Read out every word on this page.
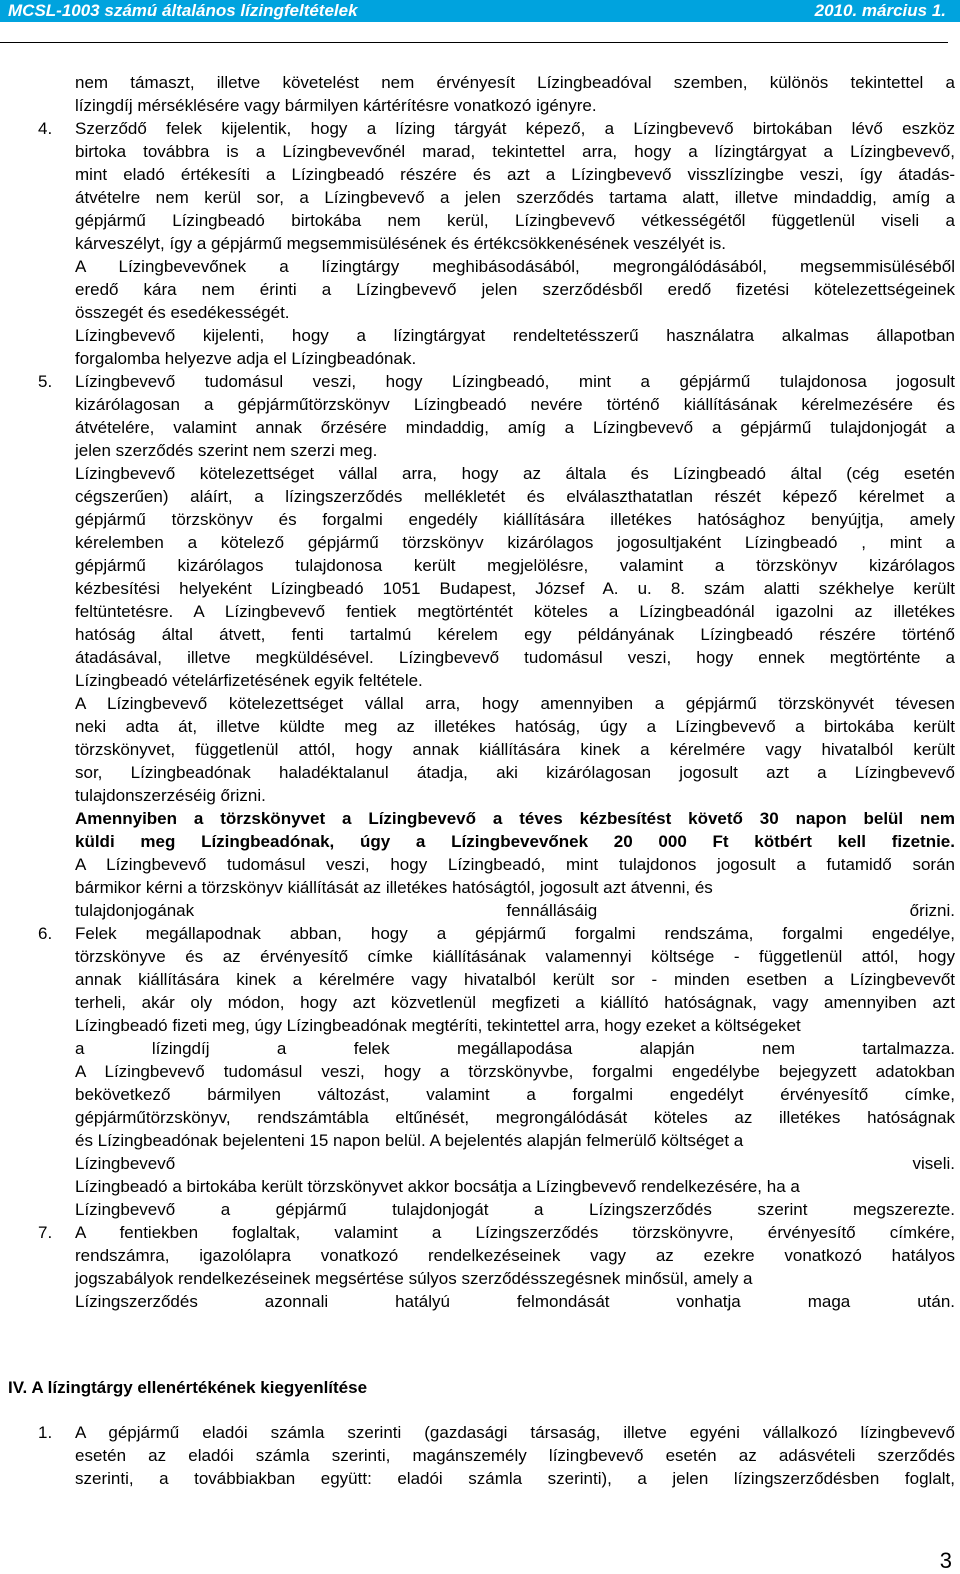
MCSL-1003 számú általános lízingfeltételek	2010. március 1.
nem támaszt, illetve követelést nem érvényesít Lízingbeadóval szemben, különös tekintettel a
lízingdíj mérséklésére vagy bármilyen kártérítésre vonatkozó igényre.
Szerződő felek kijelentik, hogy a lízing tárgyát képező, a Lízingbevevő birtokában lévő eszköz
birtoka továbbra is a Lízingbevevőnél marad, tekintettel arra, hogy a lízingtárgyat a Lízingbevevő,
mint eladó értékesíti a Lízingbeadó részére és azt a Lízingbevevő visszlízingbe veszi, így átadás-
átvételre nem kerül sor, a Lízingbevevő a jelen szerződés tartama alatt, illetve mindaddig, amíg a
gépjármű Lízingbeadó birtokába nem kerül, Lízingbevevő vétkességétől függetlenül viseli a
kárveszélyt, így a gépjármű megsemmisülésének és értékcsökkenésének veszélyét is.
A Lízingbevevőnek a lízingtárgy meghibásodásából, megrongálódásából, megsemmisüléséből
eredő kára nem érinti a Lízingbevevő jelen szerződésből eredő fizetési kötelezettségeinek
összegét és esedékességét.
Lízingbevevő kijelenti, hogy a lízingtárgyat rendeltetésszerű használatra alkalmas állapotban
forgalomba helyezve adja el Lízingbeadónak.
Lízingbevevő tudomásul veszi, hogy Lízingbeadó, mint a gépjármű tulajdonosa jogosult
kizárólagosan a gépjárműtörzskönyv Lízingbeadó nevére történő kiállításának kérelmezésére és
átvételére, valamint annak őrzésére mindaddig, amíg a Lízingbevevő a gépjármű tulajdonjogát a
jelen szerződés szerint nem szerzi meg.
Lízingbevevő kötelezettséget vállal arra, hogy az általa és Lízingbeadó által (cég esetén
cégszerűen) aláírt, a lízingszerződés mellékletét és elválaszthatatlan részét képező kérelmet a
gépjármű törzskönyv és forgalmi engedély kiállítására illetékes hatósághoz benyújtja, amely
kérelemben a kötelező gépjármű törzskönyv kizárólagos jogosultjaként Lízingbeadó , mint a
gépjármű kizárólagos tulajdonosa került megjelölésre, valamint a törzskönyv kizárólagos
kézbesítési helyeként Lízingbeadó 1051 Budapest, József A. u. 8. szám alatti székhelye került
feltüntetésre. A Lízingbevevő fentiek megtörténtét köteles a Lízingbeadónál igazolni az illetékes
hatóság által átvett, fenti tartalmú kérelem egy példányának Lízingbeadó részére történő
átadásával, illetve megküldésével. Lízingbevevő tudomásul veszi, hogy ennek megtörténte a
Lízingbeadó vételárfizetésének egyik feltétele.
A Lízingbevevő kötelezettséget vállal arra, hogy amennyiben a gépjármű törzskönyvét tévesen
neki adta át, illetve küldte meg az illetékes hatóság, úgy a Lízingbevevő a birtokába került
törzskönyvet, függetlenül attól, hogy annak kiállítására kinek a kérelmére vagy hivatalból került
sor, Lízingbeadónak haladéktalanul átadja, aki kizárólagosan jogosult azt a Lízingbevevő
tulajdonszerzéséig őrizni.
Amennyiben a törzskönyvet a Lízingbevevő a téves kézbesítést követő 30 napon belül nem
küldi meg Lízingbeadónak, úgy a Lízingbevevőnek 20 000 Ft kötbért kell fizetnie.
A Lízingbevevő tudomásul veszi, hogy Lízingbeadó, mint tulajdonos jogosult a futamidő során
bármikor kérni a törzskönyv kiállítását az illetékes hatóságtól, jogosult azt átvenni, és
tulajdonjogának fennállásáig őrizni.
Felek megállapodnak abban, hogy a gépjármű forgalmi rendszáma, forgalmi engedélye,
törzskönyve és az érvényesítő címke kiállításának valamennyi költsége - függetlenül attól, hogy
annak kiállítására kinek a kérelmére vagy hivatalból került sor - minden esetben a Lízingbevevőt
terheli, akár oly módon, hogy azt közvetlenül megfizeti a kiállító hatóságnak, vagy amennyiben azt
Lízingbeadó fizeti meg, úgy Lízingbeadónak megtéríti, tekintettel arra, hogy ezeket a költségeket
a lízingdíj a felek megállapodása alapján nem tartalmazza.
A Lízingbevevő tudomásul veszi, hogy a törzskönyvbe, forgalmi engedélybe bejegyzett adatokban
bekövetkező bármilyen változást, valamint a forgalmi engedélyt érvényesítő címke,
gépjárműtörzskönyv, rendszámtábla eltűnését, megrongálódását köteles az illetékes hatóságnak
és Lízingbeadónak bejelenteni 15 napon belül. A bejelentés alapján felmerülő költséget a
Lízingbevevő viseli.
Lízingbeadó a birtokába került törzskönyvet akkor bocsátja a Lízingbevevő rendelkezésére, ha a
Lízingbevevő a gépjármű tulajdonjogát a Lízingszerződés szerint megszerezte.
A fentiekben foglaltak, valamint a Lízingszerződés törzskönyvre, érvényesítő címkére,
rendszámra, igazolólapra vonatkozó rendelkezéseinek vagy az ezekre vonatkozó hatályos
jogszabályok rendelkezéseinek megsértése súlyos szerződésszegésnek minősül, amely a
Lízingszerződés azonnali hatályú felmondását vonhatja maga után.
4.
5.
6.
7.
IV. A lízingtárgy ellenértékének kiegyenlítése
1. A gépjármű eladói számla szerinti (gazdasági társaság, illetve egyéni vállalkozó lízingbevevő
esetén az eladói számla szerinti, magánszemély lízingbevevő esetén az adásvételi szerződés
szerinti, a továbbiakban együtt: eladói számla szerinti), a jelen lízingszerződésben foglalt,
3
